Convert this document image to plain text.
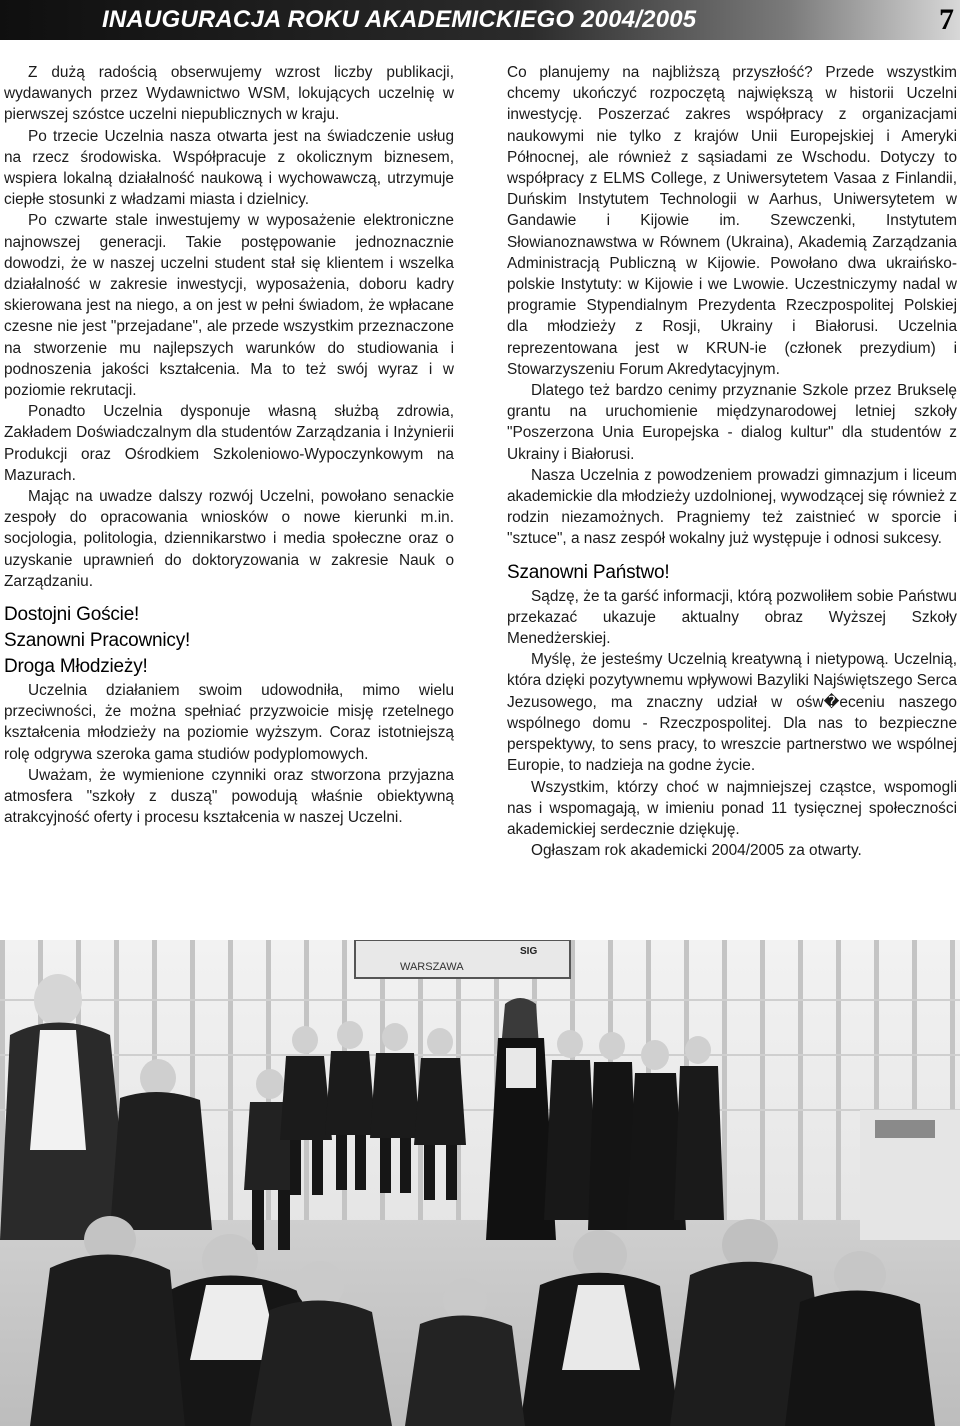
INAUGURACJA ROKU AKADEMICKIEGO 2004/2005	7

Z dużą radością obserwujemy wzrost liczby publikacji, wydawanych przez Wydawnictwo WSM, lokujących uczelnię w pierwszej szóstce uczelni niepublicznych w kraju.

Po trzecie Uczelnia nasza otwarta jest na świadczenie usług na rzecz środowiska. Współpracuje z okolicznym biznesem, wspiera lokalną działalność naukową i wychowawczą, utrzymuje ciepłe stosunki z władzami miasta i dzielnicy.

Po czwarte stale inwestujemy w wyposażenie elektroniczne najnowszej generacji. Takie postępowanie jednoznacznie dowodzi, że w naszej uczelni student stał się klientem i wszelka działalność w zakresie inwestycji, wyposażenia, doboru kadry skierowana jest na niego, a on jest w pełni świadom, że wpłacane czesne nie jest "przejadane", ale przede wszystkim przeznaczone na stworzenie mu najlepszych warunków do studiowania i podnoszenia jakości kształcenia. Ma to też swój wyraz i w poziomie rekrutacji.

Ponadto Uczelnia dysponuje własną służbą zdrowia, Zakładem Doświadczalnym dla studentów Zarządzania i Inżynierii Produkcji oraz Ośrodkiem Szkoleniowo-Wypoczynkowym na Mazurach.

Mając na uwadze dalszy rozwój Uczelni, powołano senackie zespoły do opracowania wniosków o nowe kierunki m.in. socjologia, politologia, dziennikarstwo i media społeczne oraz o uzyskanie uprawnień do doktoryzowania w zakresie Nauk o Zarządzaniu.

Dostojni Goście!
Szanowni Pracownicy!
Droga Młodzieży!

Uczelnia działaniem swoim udowodniła, mimo wielu przeciwności, że można spełniać przyzwoicie misję rzetelnego kształcenia młodzieży na poziomie wyższym. Coraz istotniejszą rolę odgrywa szeroka gama studiów podyplomowych.

Uważam, że wymienione czynniki oraz stworzona przyjazna atmosfera "szkoły z duszą" powodują właśnie obiektywną atrakcyjność oferty i procesu kształcenia w naszej Uczelni.

Co planujemy na najbliższą przyszłość? Przede wszystkim chcemy ukończyć rozpoczętą największą w historii Uczelni inwestycję. Poszerzać zakres współpracy z organizacjami naukowymi nie tylko z krajów Unii Europejskiej i Ameryki Północnej, ale również z sąsiadami ze Wschodu. Dotyczy to współpracy z ELMS College, z Uniwersytetem Vasaa z Finlandii, Duńskim Instytutem Technologii w Aarhus, Uniwersytetem w Gandawie i Kijowie im. Szewczenki, Instytutem Słowianoznawstwa w Równem (Ukraina), Akademią Zarządzania Administracją Publiczną w Kijowie. Powołano dwa ukraińsko-polskie Instytuty: w Kijowie i we Lwowie. Uczestniczymy nadal w programie Stypendialnym Prezydenta Rzeczpospolitej Polskiej dla młodzieży z Rosji, Ukrainy i Białorusi. Uczelnia reprezentowana jest w KRUN-ie (członek prezydium) i Stowarzyszeniu Forum Akredytacyjnym.

Dlatego też bardzo cenimy przyznanie Szkole przez Brukselę grantu na uruchomienie międzynarodowej letniej szkoły "Poszerzona Unia Europejska - dialog kultur" dla studentów z Ukrainy i Białorusi.

Nasza Uczelnia z powodzeniem prowadzi gimnazjum i liceum akademickie dla młodzieży uzdolnionej, wywodzącej się również z rodzin niezamożnych. Pragniemy też zaistnieć w sporcie i "sztuce", a nasz zespół wokalny już występuje i odnosi sukcesy.

Szanowni Państwo!

Sądzę, że ta garść informacji, którą pozwoliłem sobie Państwu przekazać ukazuje aktualny obraz Wyższej Szkoły Menedżerskiej.

Myślę, że jesteśmy Uczelnią kreatywną i nietypową. Uczelnią, która dzięki pozytywnemu wpływowi Bazyliki Najświętszego Serca Jezusowego, ma znaczny udział w ośw�eceniu naszego wspólnego domu - Rzeczpospolitej. Dla nas to bezpieczne perspektywy, to sens pracy, to wreszcie partnerstwo we wspólnej Europie, to nadzieja na godne życie.

Wszystkim, którzy choć w najmniejszej cząstce, wspomogli nas i wspomagają, w imieniu ponad 11 tysięcznej społeczności akademickiej serdecznie dziękuję.

Ogłaszam rok akademicki 2004/2005 za otwarty.

WARSZAWA
SIG
